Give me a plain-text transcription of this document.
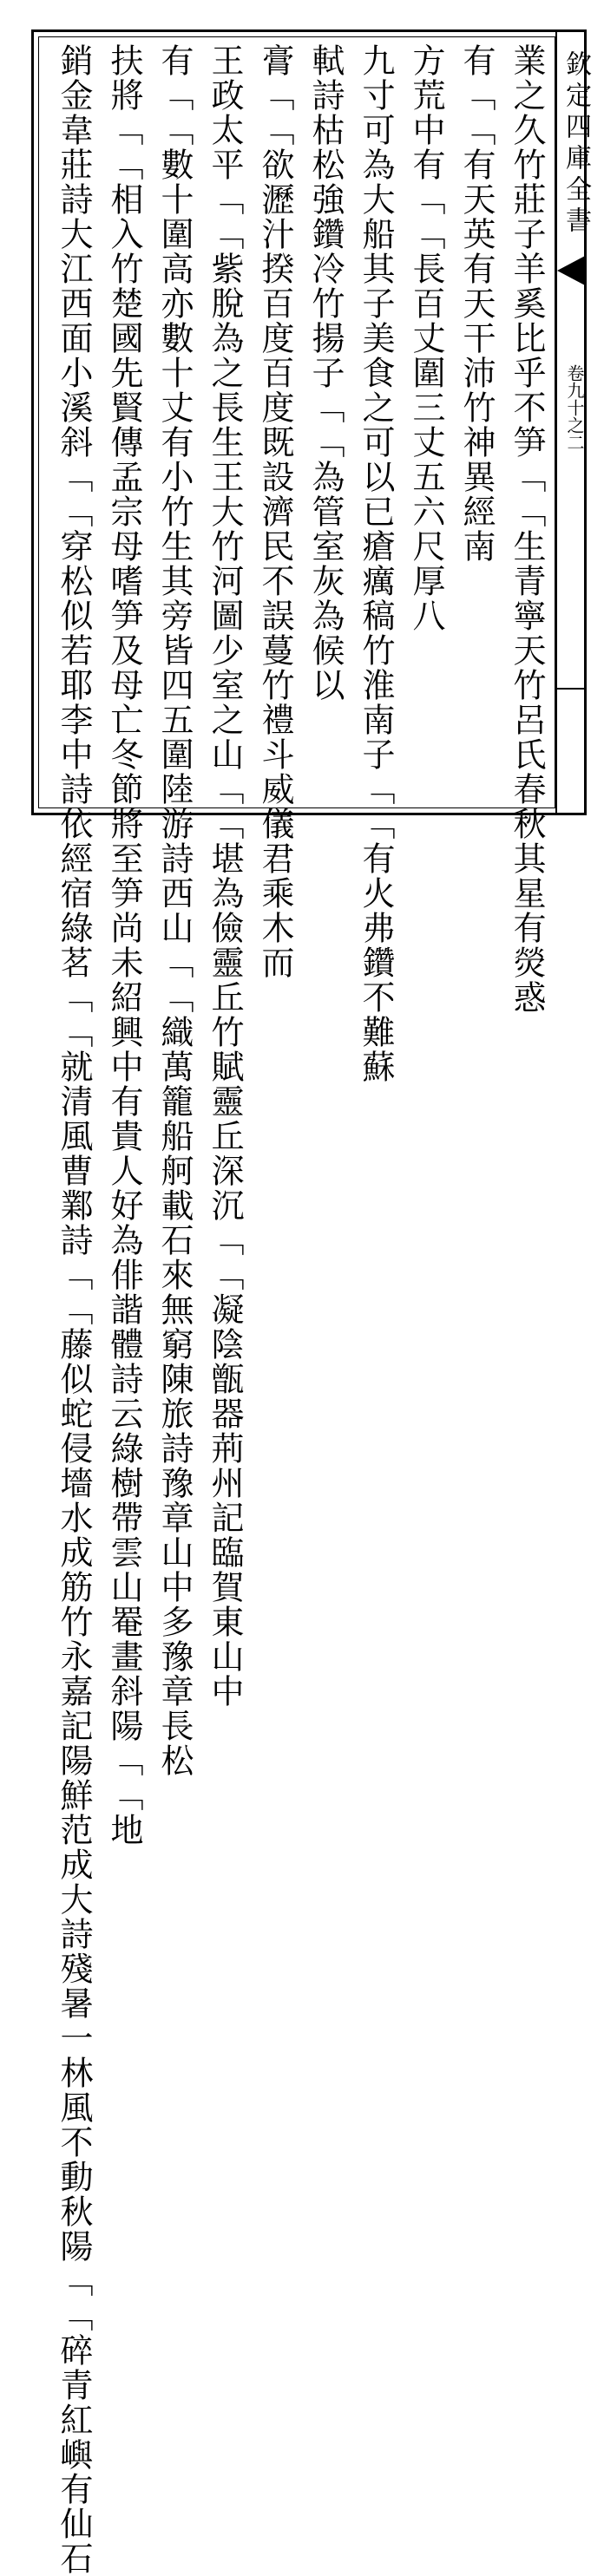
欽定四庫全書
卷九十之二
業之久竹莊子羊奚比乎不笋﹁﹁生青寧天竹呂氏春秋其星有熒惑
有﹁﹁有天英有天干沛竹神異經南
方荒中有﹁﹁長百丈圍三丈五六尺厚八
九寸可為大船其子美食之可以已瘡癘稿竹淮南子﹁﹁有火弗鑽不難蘇
軾詩枯松強鑽冷竹揚子﹁﹁為管室灰為候以
膏﹁﹁欲瀝汁揆百度百度既設濟民不誤蔓竹禮斗威儀君乘木而
王政太平﹁﹁紫脫為之長生王大竹河圖少室之山﹁﹁堪為儉靈丘竹賦靈丘深沉﹁﹁凝陰甑器荊州記臨賀東山中
有﹁﹁數十圍高亦數十丈有小竹生其旁皆四五圍陸游詩西山﹁﹁織萬籠船舸載石來無窮陳旅詩豫章山中多豫章長松
扶將﹁﹁相入竹楚國先賢傳孟宗母嗜笋及母亡冬節將至笋尚未紹興中有貴人好為俳諧體詩云綠樹帶雲山罨畫斜陽﹁﹁地
銷金韋莊詩大江西面小溪斜﹁﹁穿松似若耶李中詩依經宿綠茗﹁﹁就清風曹鄴詩﹁﹁藤似蛇侵墻水成筋竹永嘉記陽鮮范成大詩殘暑一林風不動秋陽﹁﹁碎青紅嶼有仙石
